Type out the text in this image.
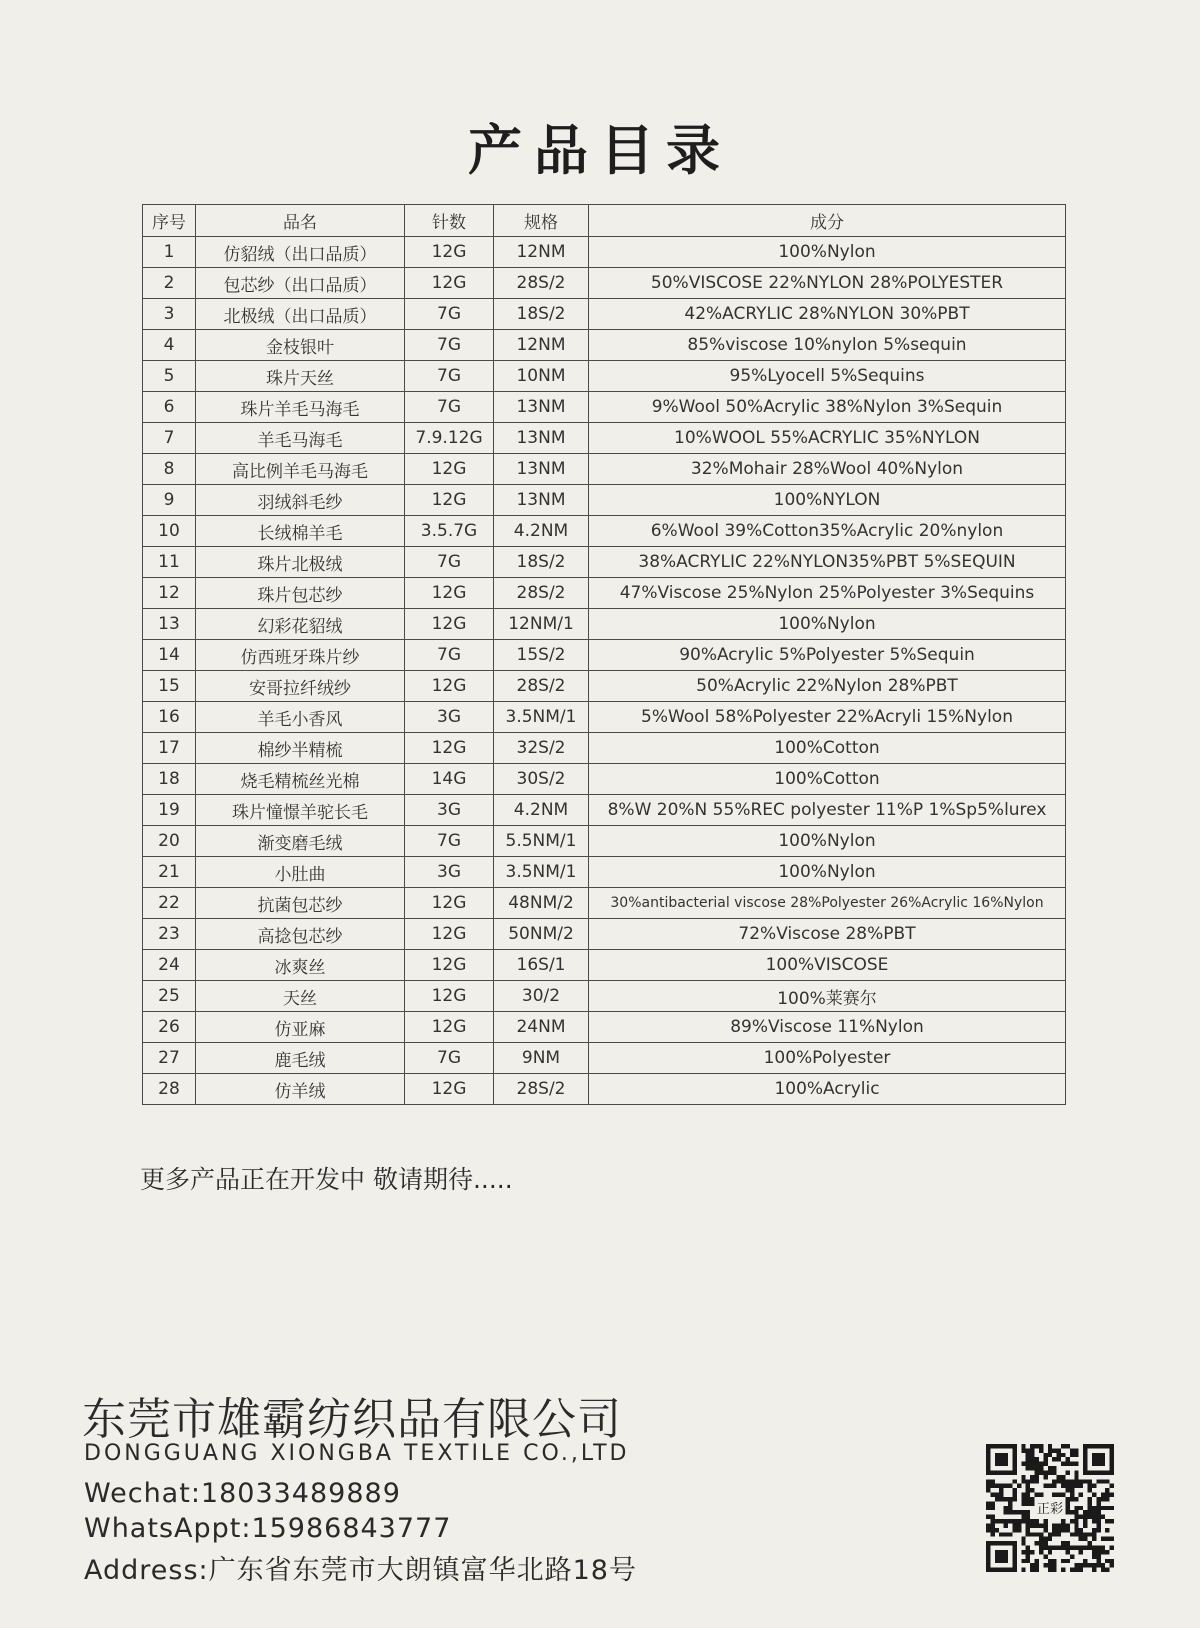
产品目录
序号	品名	针数	规格	成分
1	仿貂绒（出口品质）	12G	12NM	100%Nylon
2	包芯纱（出口品质）	12G	28S/2	50%VISCOSE 22%NYLON 28%POLYESTER
3	北极绒（出口品质）	7G	18S/2	42%ACRYLIC 28%NYLON 30%PBT
4	金枝银叶	7G	12NM	85%viscose 10%nylon 5%sequin
5	珠片天丝	7G	10NM	95%Lyocell 5%Sequins
6	珠片羊毛马海毛	7G	13NM	9%Wool 50%Acrylic 38%Nylon 3%Sequin
7	羊毛马海毛	7.9.12G	13NM	10%WOOL 55%ACRYLIC 35%NYLON
8	高比例羊毛马海毛	12G	13NM	32%Mohair 28%Wool 40%Nylon
9	羽绒斜毛纱	12G	13NM	100%NYLON
10	长绒棉羊毛	3.5.7G	4.2NM	6%Wool 39%Cotton35%Acrylic 20%nylon
11	珠片北极绒	7G	18S/2	38%ACRYLIC 22%NYLON35%PBT 5%SEQUIN
12	珠片包芯纱	12G	28S/2	47%Viscose 25%Nylon 25%Polyester 3%Sequins
13	幻彩花貂绒	12G	12NM/1	100%Nylon
14	仿西班牙珠片纱	7G	15S/2	90%Acrylic 5%Polyester 5%Sequin
15	安哥拉纤绒纱	12G	28S/2	50%Acrylic 22%Nylon 28%PBT
16	羊毛小香风	3G	3.5NM/1	5%Wool 58%Polyester 22%Acryli 15%Nylon
17	棉纱半精梳	12G	32S/2	100%Cotton
18	烧毛精梳丝光棉	14G	30S/2	100%Cotton
19	珠片憧憬羊驼长毛	3G	4.2NM	8%W 20%N 55%REC polyester 11%P 1%Sp5%lurex
20	渐变磨毛绒	7G	5.5NM/1	100%Nylon
21	小肚曲	3G	3.5NM/1	100%Nylon
22	抗菌包芯纱	12G	48NM/2	30%antibacterial viscose 28%Polyester 26%Acrylic 16%Nylon
23	高捻包芯纱	12G	50NM/2	72%Viscose 28%PBT
24	冰爽丝	12G	16S/1	100%VISCOSE
25	天丝	12G	30/2	100%莱赛尔
26	仿亚麻	12G	24NM	89%Viscose 11%Nylon
27	鹿毛绒	7G	9NM	100%Polyester
28	仿羊绒	12G	28S/2	100%Acrylic
更多产品正在开发中 敬请期待.....
东莞市雄霸纺织品有限公司
DONGGUANG XIONGBA TEXTILE CO.,LTD
Wechat:18033489889
WhatsAppt:15986843777
Address:广东省东莞市大朗镇富华北路18号
正彩
